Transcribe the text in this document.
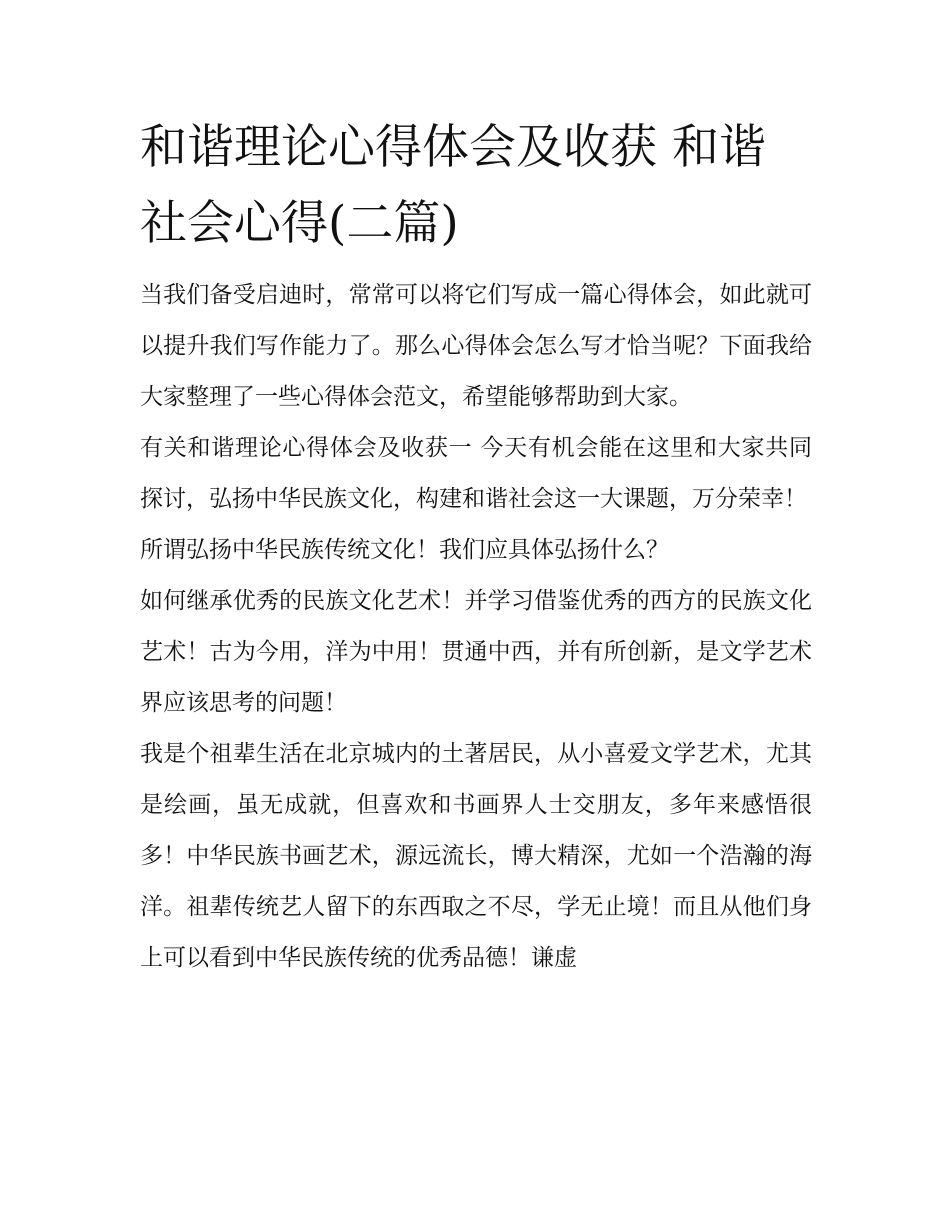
和谐理论心得体会及收获 和谐社会心得(二篇)

当我们备受启迪时，常常可以将它们写成一篇心得体会，如此就可以提升我们写作能力了。那么心得体会怎么写才恰当呢？下面我给大家整理了一些心得体会范文，希望能够帮助到大家。

有关和谐理论心得体会及收获一 今天有机会能在这里和大家共同探讨，弘扬中华民族文化，构建和谐社会这一大课题，万分荣幸！

所谓弘扬中华民族传统文化！我们应具体弘扬什么？

如何继承优秀的民族文化艺术！并学习借鉴优秀的西方的民族文化艺术！古为今用，洋为中用！贯通中西，并有所创新，是文学艺术界应该思考的问题！

我是个祖辈生活在北京城内的土著居民，从小喜爱文学艺术，尤其是绘画，虽无成就，但喜欢和书画界人士交朋友，多年来感悟很多！中华民族书画艺术，源远流长，博大精深，尤如一个浩瀚的海洋。祖辈传统艺人留下的东西取之不尽，学无止境！而且从他们身上可以看到中华民族传统的优秀品德！谦虚
